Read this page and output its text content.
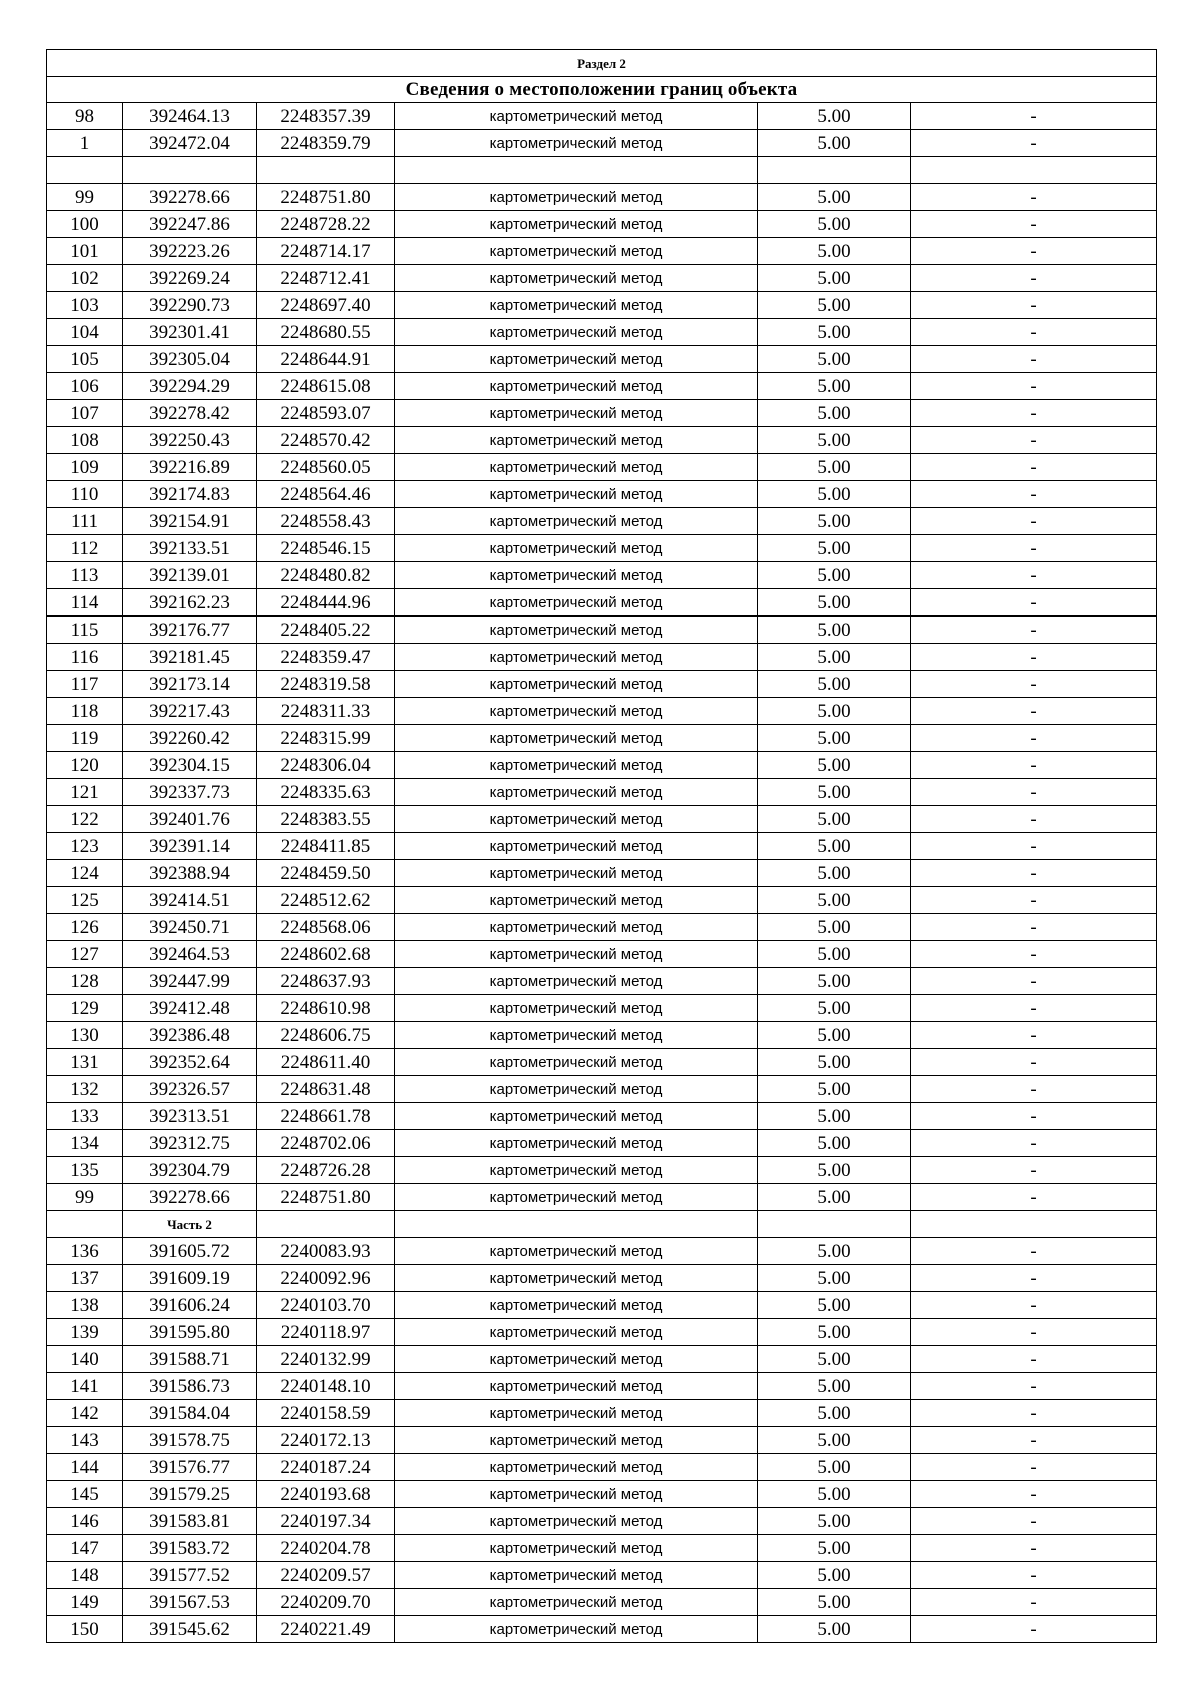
Раздел 2					
Сведения о местоположении границ объекта					
98	392464.13	2248357.39	картометрический метод	5.00	-
1	392472.04	2248359.79	картометрический метод	5.00	-

99	392278.66	2248751.80	картометрический метод	5.00	-
100	392247.86	2248728.22	картометрический метод	5.00	-
101	392223.26	2248714.17	картометрический метод	5.00	-
102	392269.24	2248712.41	картометрический метод	5.00	-
103	392290.73	2248697.40	картометрический метод	5.00	-
104	392301.41	2248680.55	картометрический метод	5.00	-
105	392305.04	2248644.91	картометрический метод	5.00	-
106	392294.29	2248615.08	картометрический метод	5.00	-
107	392278.42	2248593.07	картометрический метод	5.00	-
108	392250.43	2248570.42	картометрический метод	5.00	-
109	392216.89	2248560.05	картометрический метод	5.00	-
110	392174.83	2248564.46	картометрический метод	5.00	-
111	392154.91	2248558.43	картометрический метод	5.00	-
112	392133.51	2248546.15	картометрический метод	5.00	-
113	392139.01	2248480.82	картометрический метод	5.00	-
114	392162.23	2248444.96	картометрический метод	5.00	-
115	392176.77	2248405.22	картометрический метод	5.00	-
116	392181.45	2248359.47	картометрический метод	5.00	-
117	392173.14	2248319.58	картометрический метод	5.00	-
118	392217.43	2248311.33	картометрический метод	5.00	-
119	392260.42	2248315.99	картометрический метод	5.00	-
120	392304.15	2248306.04	картометрический метод	5.00	-
121	392337.73	2248335.63	картометрический метод	5.00	-
122	392401.76	2248383.55	картометрический метод	5.00	-
123	392391.14	2248411.85	картометрический метод	5.00	-
124	392388.94	2248459.50	картометрический метод	5.00	-
125	392414.51	2248512.62	картометрический метод	5.00	-
126	392450.71	2248568.06	картометрический метод	5.00	-
127	392464.53	2248602.68	картометрический метод	5.00	-
128	392447.99	2248637.93	картометрический метод	5.00	-
129	392412.48	2248610.98	картометрический метод	5.00	-
130	392386.48	2248606.75	картометрический метод	5.00	-
131	392352.64	2248611.40	картометрический метод	5.00	-
132	392326.57	2248631.48	картометрический метод	5.00	-
133	392313.51	2248661.78	картометрический метод	5.00	-
134	392312.75	2248702.06	картометрический метод	5.00	-
135	392304.79	2248726.28	картометрический метод	5.00	-
99	392278.66	2248751.80	картометрический метод	5.00	-
	Часть 2				
136	391605.72	2240083.93	картометрический метод	5.00	-
137	391609.19	2240092.96	картометрический метод	5.00	-
138	391606.24	2240103.70	картометрический метод	5.00	-
139	391595.80	2240118.97	картометрический метод	5.00	-
140	391588.71	2240132.99	картометрический метод	5.00	-
141	391586.73	2240148.10	картометрический метод	5.00	-
142	391584.04	2240158.59	картометрический метод	5.00	-
143	391578.75	2240172.13	картометрический метод	5.00	-
144	391576.77	2240187.24	картометрический метод	5.00	-
145	391579.25	2240193.68	картометрический метод	5.00	-
146	391583.81	2240197.34	картометрический метод	5.00	-
147	391583.72	2240204.78	картометрический метод	5.00	-
148	391577.52	2240209.57	картометрический метод	5.00	-
149	391567.53	2240209.70	картометрический метод	5.00	-
150	391545.62	2240221.49	картометрический метод	5.00	-
